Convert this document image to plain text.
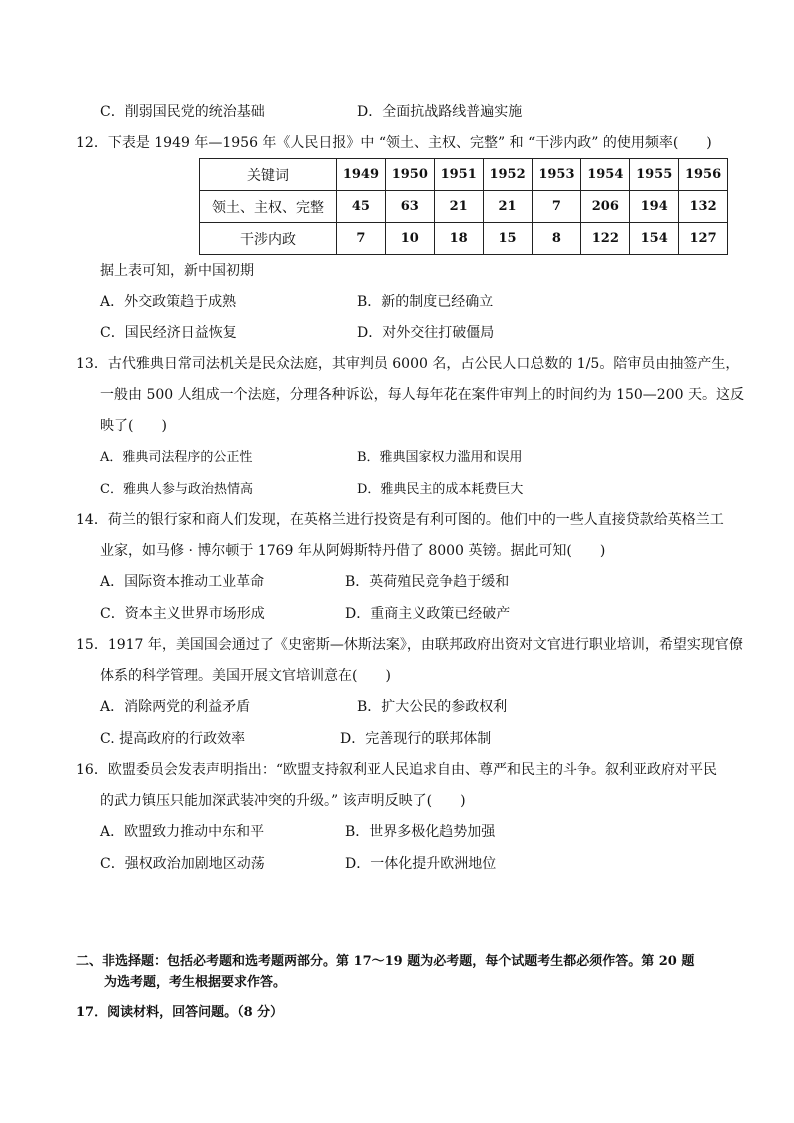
C．削弱国民党的统治基础	D．全面抗战路线普遍实施
12．下表是 1949 年—1956 年《人民日报》中 “领土、主权、完整” 和 “干涉内政” 的使用频率(　　)
关键词	1949	1950	1951	1952	1953	1954	1955	1956
领土、主权、完整	45	63	21	21	7	206	194	132
干涉内政	7	10	18	15	8	122	154	127
据上表可知，新中国初期
A．外交政策趋于成熟	B．新的制度已经确立
C．国民经济日益恢复	D．对外交往打破僵局
13．古代雅典日常司法机关是民众法庭，其审判员 6000 名，占公民人口总数的 1/5。陪审员由抽签产生，
一般由 500 人组成一个法庭，分理各种诉讼，每人每年花在案件审判上的时间约为 150—200 天。这反
映了(　　)
A．雅典司法程序的公正性	B．雅典国家权力滥用和误用
C．雅典人参与政治热情高	D．雅典民主的成本耗费巨大
14．荷兰的银行家和商人们发现，在英格兰进行投资是有利可图的。他们中的一些人直接贷款给英格兰工
业家，如马修 · 博尔顿于 1769 年从阿姆斯特丹借了 8000 英镑。据此可知(　　)
A．国际资本推动工业革命	B．英荷殖民竞争趋于缓和
C．资本主义世界市场形成	D．重商主义政策已经破产
15．1917 年，美国国会通过了《史密斯—休斯法案》，由联邦政府出资对文官进行职业培训，希望实现官僚
体系的科学管理。美国开展文官培训意在(　　)
A．消除两党的利益矛盾	B．扩大公民的参政权利
C. 提高政府的行政效率	D．完善现行的联邦体制
16．欧盟委员会发表声明指出：“欧盟支持叙利亚人民追求自由、尊严和民主的斗争。叙利亚政府对平民
的武力镇压只能加深武装冲突的升级。” 该声明反映了(　　)
A．欧盟致力推动中东和平	B．世界多极化趋势加强
C．强权政治加剧地区动荡	D．一体化提升欧洲地位
二、非选择题：包括必考题和选考题两部分。第 17～19 题为必考题，每个试题考生都必须作答。第 20 题
为选考题，考生根据要求作答。
17．阅读材料，回答问题。（8 分）
